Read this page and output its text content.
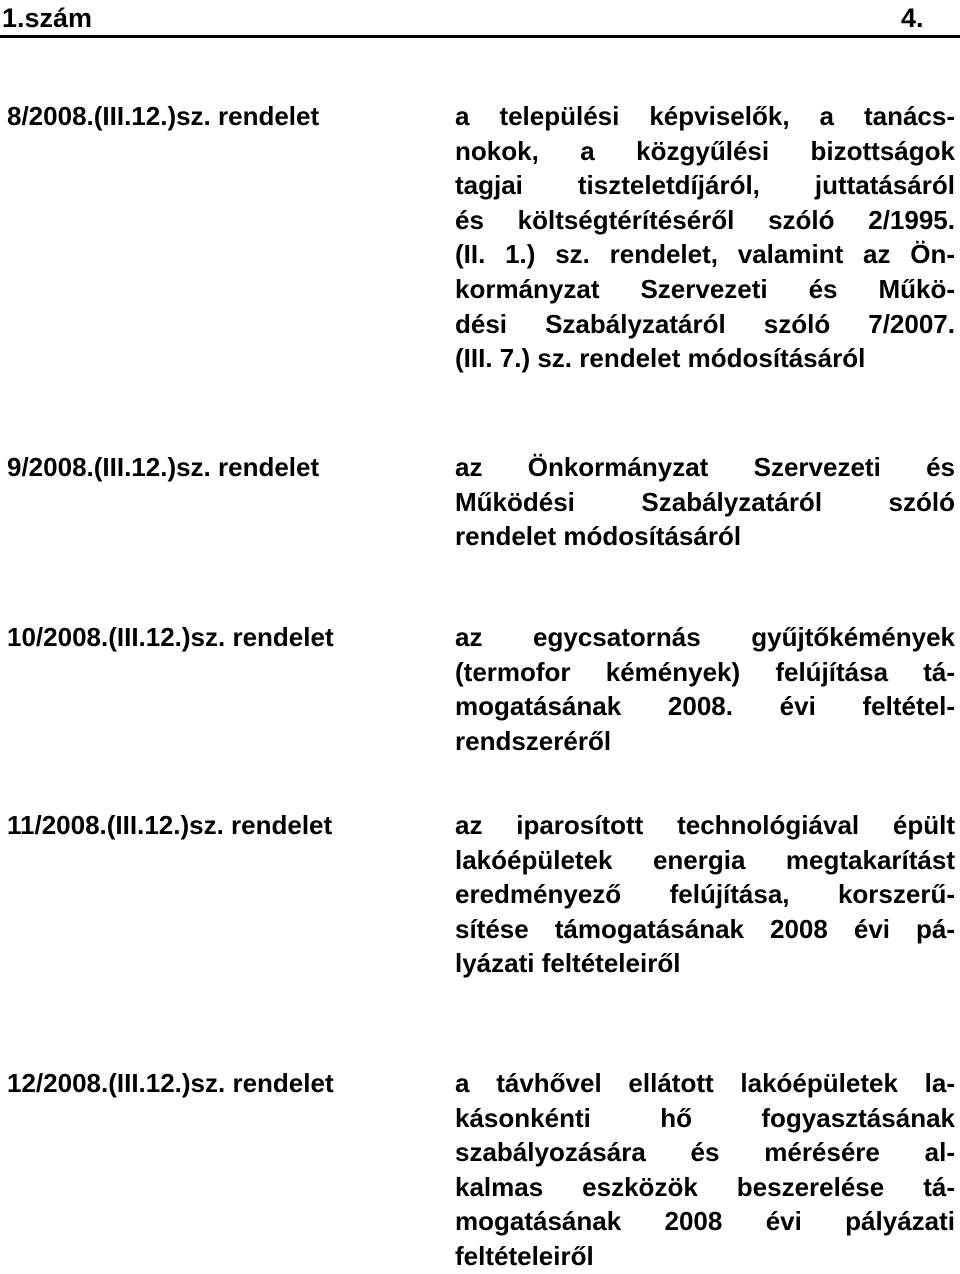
1.szám	4.
8/2008.(III.12.)sz. rendelet	a települési képviselők, a tanács-
nokok, a közgyűlési bizottságok
tagjai tiszteletdíjáról, juttatásáról
és költségtérítéséről szóló 2/1995.
(II. 1.) sz. rendelet, valamint az Ön-
kormányzat Szervezeti és Műkö-
dési Szabályzatáról szóló 7/2007.
(III. 7.) sz. rendelet módosításáról
9/2008.(III.12.)sz. rendelet	az Önkormányzat Szervezeti és
Működési Szabályzatáról szóló
rendelet módosításáról
10/2008.(III.12.)sz. rendelet	az egycsatornás gyűjtőkémények
(termofor kémények) felújítása tá-
mogatásának 2008. évi feltétel-
rendszeréről
11/2008.(III.12.)sz. rendelet	az iparosított technológiával épült
lakóépületek energia megtakarítást
eredményező felújítása, korszerű-
sítése támogatásának 2008 évi pá-
lyázati feltételeiről
12/2008.(III.12.)sz. rendelet	a távhővel ellátott lakóépületek la-
kásonkénti hő fogyasztásának
szabályozására és mérésére al-
kalmas eszközök beszerelése tá-
mogatásának 2008 évi pályázati
feltételeiről
